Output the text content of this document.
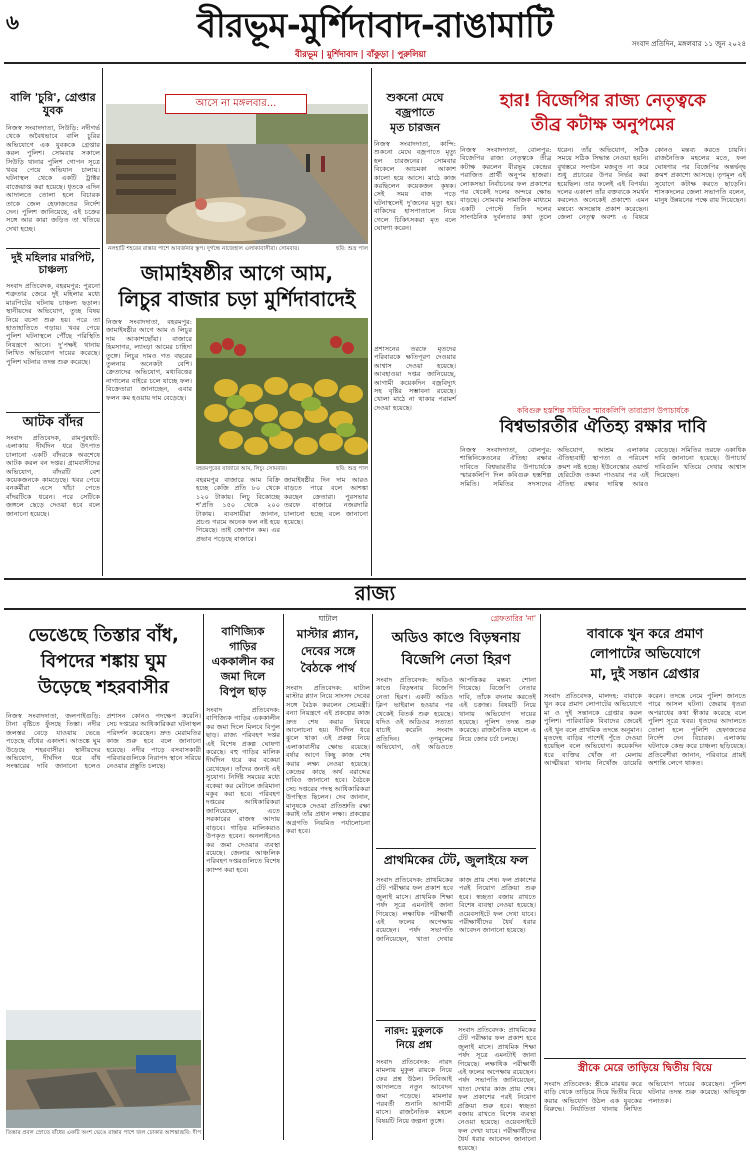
৬	বীরভূম-মুর্শিদাবাদ-রাঙামাটি	সংবাদ প্রতিদিন, মঙ্গলবার ১১ জুন ২০২৪
বীরভূম | মুর্শিদাবাদ | বাঁকুড়া | পুরুলিয়া
বালি 'চুরি', গ্রেপ্তার যুবক
নিজস্ব সংবাদদাতা, সিউড়ি: নদীগর্ভ থেকে অবৈধভাবে বালি চুরির অভিযোগে এক যুবককে গ্রেপ্তার করল পুলিশ। সোমবার সকালে সিউড়ি থানার পুলিশ গোপন সূত্রে খবর পেয়ে অভিযান চালায়। ঘটনাস্থল থেকে একটি ট্রাক্টর বাজেয়াপ্ত করা হয়েছে। ধৃতকে এদিন আদালতে তোলা হলে বিচারক তাকে জেল হেফাজতের নির্দেশ দেন। পুলিশ জানিয়েছে, এই চক্রের সঙ্গে আর কারা জড়িত তা খতিয়ে দেখা হচ্ছে।
দুই মহিলার মারপিট, চাঞ্চল্য
সংবাদ প্রতিবেদক, বহরমপুর: পুরনো শত্রুতার জেরে দুই মহিলার মধ্যে মারপিটের ঘটনায় চাঞ্চল্য ছড়াল। স্থানীয়দের অভিযোগ, তুচ্ছ বিষয় নিয়ে বচসা শুরু হয়। পরে তা হাতাহাতিতে গড়ায়। খবর পেয়ে পুলিশ ঘটনাস্থলে পৌঁছে পরিস্থিতি নিয়ন্ত্রণে আনে। দু'পক্ষই থানায় লিখিত অভিযোগ দায়ের করেছে। পুলিশ ঘটনার তদন্ত শুরু করেছে।
আটক বাঁদর
সংবাদ প্রতিবেদক, রামপুরহাট: এলাকায় দীর্ঘদিন ধরে উৎপাত চালানো একটি বাঁদরকে অবশেষে আটক করল বন দপ্তর। গ্রামবাসীদের অভিযোগ, বাঁদরটি বেশ কয়েকজনকে কামড়েছে। খবর পেয়ে বনকর্মীরা এসে খাঁচা পেতে বাঁদরটিকে ধরেন। পরে সেটিকে জঙ্গলে ছেড়ে দেওয়া হবে বলে জানানো হয়েছে।
আসে না মঙ্গলবার...
নলহাটি শহরের রাস্তার পাশে আবর্জনার স্তূপ। দুর্গন্ধে নাজেহাল এলাকাবাসীরা। সোমবার।	ছবি: শুভ্র পাল
জামাইষষ্ঠীর আগে আম,
লিচুর বাজার চড়া মুর্শিদাবাদেই
নিজস্ব সংবাদদাতা, বহরমপুর: জামাইষষ্ঠীর আগে আম ও লিচুর দাম আকাশছোঁয়া। বাজারে হিমসাগর, ল্যাংড়া আমের চাহিদা তুঙ্গে। লিচুর দামও গত বছরের তুলনায় অনেকটা বেশি। ক্রেতাদের অভিযোগ, মধ্যবিত্তের নাগালের বাইরে চলে যাচ্ছে ফল। বিক্রেতারা জানাচ্ছেন, এবার ফলন কম হওয়ায় দাম বেড়েছে।
বহরমপুরের বাজারে আম, লিচু। সোমবার।	ছবি: শুভ্র পাল
বহরমপুর বাজারে আম বিক্রি হচ্ছে কেজি প্রতি ৮০ থেকে ১২০ টাকায়। লিচু বিকোচ্ছে শ'প্রতি ১৫০ থেকে ২০০ টাকায়। ব্যবসায়ীরা জানান, প্রচণ্ড গরমে অনেক ফল নষ্ট হয়ে গিয়েছে। তাই জোগান কম। এর প্রভাব পড়েছে বাজারে।
জামাইষষ্ঠীর দিন দাম আরও বাড়তে পারে বলে আশঙ্কা করছেন ক্রেতারা। পুরসভার তরফে বাজারে নজরদারি চালানো হচ্ছে বলে জানানো হয়েছে।
শুকনো মেঘে
বজ্রপাতে
মৃত চারজন
নিজস্ব সংবাদদাতা, কান্দি: শুকনো মেঘে বজ্রপাতে মৃত্যু হল চারজনের। সোমবার বিকেলে আচমকা আকাশ কালো হয়ে আসে। মাঠে কাজ করছিলেন কয়েকজন কৃষক। সেই সময় বাজ পড়ে ঘটনাস্থলেই দু'জনের মৃত্যু হয়। বাকিদের হাসপাতালে নিয়ে গেলে চিকিৎসকরা মৃত বলে ঘোষণা করেন।
প্রশাসনের তরফে মৃতদের পরিবারকে ক্ষতিপূরণ দেওয়ার আশ্বাস দেওয়া হয়েছে। আবহাওয়া দপ্তর জানিয়েছে, আগামী কয়েকদিন বজ্রবিদ্যুৎ সহ বৃষ্টির সম্ভাবনা রয়েছে। খোলা মাঠে না থাকার পরামর্শ দেওয়া হয়েছে।
হার! বিজেপির রাজ্য নেতৃত্বকে
তীব্র কটাক্ষ অনুপমের
নিজস্ব সংবাদদাতা, বোলপুর: বিজেপির রাজ্য নেতৃত্বকে তীব্র কটাক্ষ করলেন বীরভূম কেন্দ্রের পরাজিত প্রার্থী অনুপম হাজরা। লোকসভা নির্বাচনের ফল প্রকাশের পর থেকেই দলের অন্দরে ক্ষোভ বাড়ছে। সোমবার সামাজিক মাধ্যমে একটি পোস্টে তিনি দলের সাংগঠনিক দুর্বলতার কথা তুলে ধরেন। তাঁর অভিযোগ, সঠিক সময়ে সঠিক সিদ্ধান্ত নেওয়া হয়নি। বুথস্তরে সংগঠন মজবুত না করে শুধু প্রচারের উপর নির্ভর করা হয়েছিল। তার ফলেই এই বিপর্যয়। দলের একাংশ তাঁর বক্তব্যকে সমর্থন করলেও অনেকেই প্রকাশ্যে এমন মন্তব্যে অসন্তোষ প্রকাশ করেছেন। জেলা নেতৃত্ব অবশ্য এ বিষয়ে কোনও মন্তব্য করতে চায়নি। রাজনৈতিক মহলের মতে, ফল ঘোষণার পর বিজেপির অন্তর্দ্বন্দ্ব ক্রমশ প্রকাশ্যে আসছে। তৃণমূল এই সুযোগে কটাক্ষ করতে ছাড়েনি। শাসকদলের জেলা সভাপতি বলেন, মানুষ উন্নয়নের পক্ষে রায় দিয়েছেন।
কবিগুরু হস্তশিল্প সমিতির স্মারকলিপি তারাপ্রাণ উপাচার্যকে
বিশ্বভারতীর ঐতিহ্য রক্ষার দাবি
নিজস্ব সংবাদদাতা, বোলপুর: শান্তিনিকেতনের ঐতিহ্য রক্ষার দাবিতে বিশ্বভারতীর উপাচার্যকে স্মারকলিপি দিল কবিগুরু হস্তশিল্প সমিতি। সমিতির সদস্যদের অভিযোগ, আশ্রম এলাকার ঐতিহ্যবাহী স্থাপত্য ও পরিবেশ ক্রমশ নষ্ট হচ্ছে। ইউনেস্কোর ওয়ার্ল্ড হেরিটেজ তকমা পাওয়ার পর এই ঐতিহ্য রক্ষার দায়িত্ব আরও বেড়েছে। সমিতির তরফে একাধিক দাবি জানানো হয়েছে। উপাচার্য দাবিগুলি খতিয়ে দেখার আশ্বাস দিয়েছেন।
রাজ্য
ভেঙেছে তিস্তার বাঁধ,
বিপদের শঙ্কায় ঘুম
উড়েছে শহরবাসীর
নিজস্ব সংবাদদাতা, জলপাইগুড়ি: টানা বৃষ্টিতে ফুঁসছে তিস্তা। নদীর জলস্তর বেড়ে যাওয়ায় ভেঙে পড়েছে বাঁধের একাংশ। আতঙ্কে ঘুম উড়েছে শহরবাসীর। স্থানীয়দের অভিযোগ, দীর্ঘদিন ধরে বাঁধ সংস্কারের দাবি জানানো হলেও প্রশাসন কোনও পদক্ষেপ করেনি। সেচ দপ্তরের আধিকারিকরা ঘটনাস্থল পরিদর্শন করেছেন। দ্রুত মেরামতির কাজ শুরু হবে বলে জানানো হয়েছে। নদীর পাড়ে বসবাসকারী পরিবারগুলিকে নিরাপদ স্থানে সরিয়ে নেওয়ার প্রস্তুতি চলছে।
তিস্তার প্রবল স্রোতে বাঁধের একটি অংশ ভেঙে রাস্তার পাশে জল ঢোকার আশঙ্কা। ছবি: দীপ
বাণিজ্যিক
গাড়ির
এককালীন কর
জমা দিলে
বিপুল ছাড়
সংবাদ প্রতিবেদক: বাণিজ্যিক গাড়ির এককালীন কর জমা দিলে মিলবে বিপুল ছাড়। রাজ্য পরিবহণ দপ্তর এই বিশেষ প্রকল্প ঘোষণা করেছে। বহু গাড়ির মালিক দীর্ঘদিন ধরে কর বকেয়া রেখেছেন। তাঁদের জন্যই এই সুযোগ। নির্দিষ্ট সময়ের মধ্যে বকেয়া কর মেটালে জরিমানা মকুব করা হবে। পরিবহণ দপ্তরের আধিকারিকরা জানিয়েছেন, এতে সরকারের রাজস্ব আদায় বাড়বে। গাড়ির মালিকরাও উপকৃত হবেন। অনলাইনেও কর জমা দেওয়ার ব্যবস্থা রয়েছে। জেলার আঞ্চলিক পরিবহণ দপ্তরগুলিতে বিশেষ ক্যাম্প করা হবে।
ঘাটাল
মাস্টার প্ল্যান,
দেবের সঙ্গে
বৈঠকে পার্থ
সংবাদ প্রতিবেদক: ঘাটাল মাস্টার প্ল্যান নিয়ে সাংসদ দেবের সঙ্গে বৈঠক করলেন সেচমন্ত্রী। বন্যা নিয়ন্ত্রণে এই প্রকল্পের কাজ দ্রুত শেষ করার বিষয়ে আলোচনা হয়। দীর্ঘদিন ধরে ঝুলে থাকা এই প্রকল্প নিয়ে এলাকাবাসীর ক্ষোভ রয়েছে। বর্ষার আগে কিছু কাজ শেষ করার লক্ষ্য নেওয়া হয়েছে। কেন্দ্রের কাছে অর্থ বরাদ্দের দাবিও জানানো হবে। বৈঠকে সেচ দপ্তরের পদস্থ আধিকারিকরা উপস্থিত ছিলেন। দেব জানান, মানুষকে দেওয়া প্রতিশ্রুতি রক্ষা করাই তাঁর প্রধান লক্ষ্য। প্রকল্পের অগ্রগতি নিয়মিত পর্যালোচনা করা হবে।
গ্রেফতারির 'না'
অডিও কাণ্ডে বিড়ম্বনায়
বিজেপি নেতা হিরণ
সংবাদ প্রতিবেদক: অডিও কাণ্ডে বিড়ম্বনায় বিজেপি নেতা হিরণ। একটি অডিও ক্লিপ ভাইরাল হওয়ার পর থেকেই বিতর্ক শুরু হয়েছে। যদিও ওই অডিওর সত্যতা যাচাই করেনি সংবাদ প্রতিদিন। তৃণমূলের অভিযোগ, ওই অডিওতে আপত্তিকর মন্তব্য শোনা গিয়েছে। বিজেপি নেতার দাবি, তাঁকে বদনাম করতেই এই চক্রান্ত। বিষয়টি নিয়ে থানায় অভিযোগ দায়ের হয়েছে। পুলিশ তদন্ত শুরু করেছে। রাজনৈতিক মহলে এ নিয়ে জোর চর্চা চলছে।
প্রাথমিকের টেট, জুলাইয়ে ফল
সংবাদ প্রতিবেদক: প্রাথমিকের টেট পরীক্ষার ফল প্রকাশ হবে জুলাই মাসে। প্রাথমিক শিক্ষা পর্ষদ সূত্রে এমনটাই জানা গিয়েছে। লক্ষাধিক পরীক্ষার্থী এই ফলের অপেক্ষায় রয়েছেন। পর্ষদ সভাপতি জানিয়েছেন, খাতা দেখার কাজ প্রায় শেষ। ফল প্রকাশের পরই নিয়োগ প্রক্রিয়া শুরু হবে। স্বচ্ছতা বজায় রাখতে বিশেষ ব্যবস্থা নেওয়া হয়েছে। ওয়েবসাইটে ফল দেখা যাবে। পরীক্ষার্থীদের ধৈর্য ধরার আবেদন জানানো হয়েছে।
নারদ: মুকুলকে
নিয়ে প্রশ্ন
সংবাদ প্রতিবেদক: নারদ মামলায় মুকুল রায়কে নিয়ে ফের প্রশ্ন উঠল। সিবিআই আদালতে নতুন আবেদন জমা পড়েছে। মামলার পরবর্তী শুনানি আগামী মাসে। রাজনৈতিক মহলে বিষয়টি নিয়ে জল্পনা তুঙ্গে।
সংবাদ প্রতিবেদক: প্রাথমিকের টেট পরীক্ষার ফল প্রকাশ হবে জুলাই মাসে। প্রাথমিক শিক্ষা পর্ষদ সূত্রে এমনটাই জানা গিয়েছে। লক্ষাধিক পরীক্ষার্থী এই ফলের অপেক্ষায় রয়েছেন। পর্ষদ সভাপতি জানিয়েছেন, খাতা দেখার কাজ প্রায় শেষ। ফল প্রকাশের পরই নিয়োগ প্রক্রিয়া শুরু হবে। স্বচ্ছতা বজায় রাখতে বিশেষ ব্যবস্থা নেওয়া হয়েছে। ওয়েবসাইটে ফল দেখা যাবে। পরীক্ষার্থীদের ধৈর্য ধরার আবেদন জানানো হয়েছে।
বাবাকে খুন করে প্রমাণ
লোপাটের অভিযোগে
মা, দুই সন্তান গ্রেপ্তার
সংবাদ প্রতিবেদক, মালদহ: বাবাকে খুন করে প্রমাণ লোপাটের অভিযোগে মা ও দুই সন্তানকে গ্রেপ্তার করল পুলিশ। পারিবারিক বিবাদের জেরেই এই খুন বলে প্রাথমিক তদন্তে অনুমান। মৃতদেহ বাড়ির পাশেই পুঁতে দেওয়া হয়েছিল বলে অভিযোগ। কয়েকদিন ধরে ব্যক্তির খোঁজ না মেলায় আত্মীয়রা থানায় নিখোঁজ ডায়েরি করেন। তদন্তে নেমে পুলিশ জানতে পারে আসল ঘটনা। জেরায় ধৃতরা অপরাধের কথা স্বীকার করেছে বলে পুলিশ সূত্রে খবর। ধৃতদের আদালতে তোলা হলে পুলিশি হেফাজতের নির্দেশ দেন বিচারক। এলাকায় ঘটনাকে কেন্দ্র করে চাঞ্চল্য ছড়িয়েছে। প্রতিবেশীরা জানান, পরিবারে প্রায়ই অশান্তি লেগে থাকত।
স্ত্রীকে মেরে তাড়িয়ে দ্বিতীয় বিয়ে
সংবাদ প্রতিবেদক: স্ত্রীকে মারধর করে বাড়ি থেকে তাড়িয়ে দিয়ে দ্বিতীয় বিয়ে করার অভিযোগ উঠল এক যুবকের বিরুদ্ধে। নির্যাতিতা থানায় লিখিত অভিযোগ দায়ের করেছেন। পুলিশ ঘটনার তদন্ত শুরু করেছে। অভিযুক্ত পলাতক।
